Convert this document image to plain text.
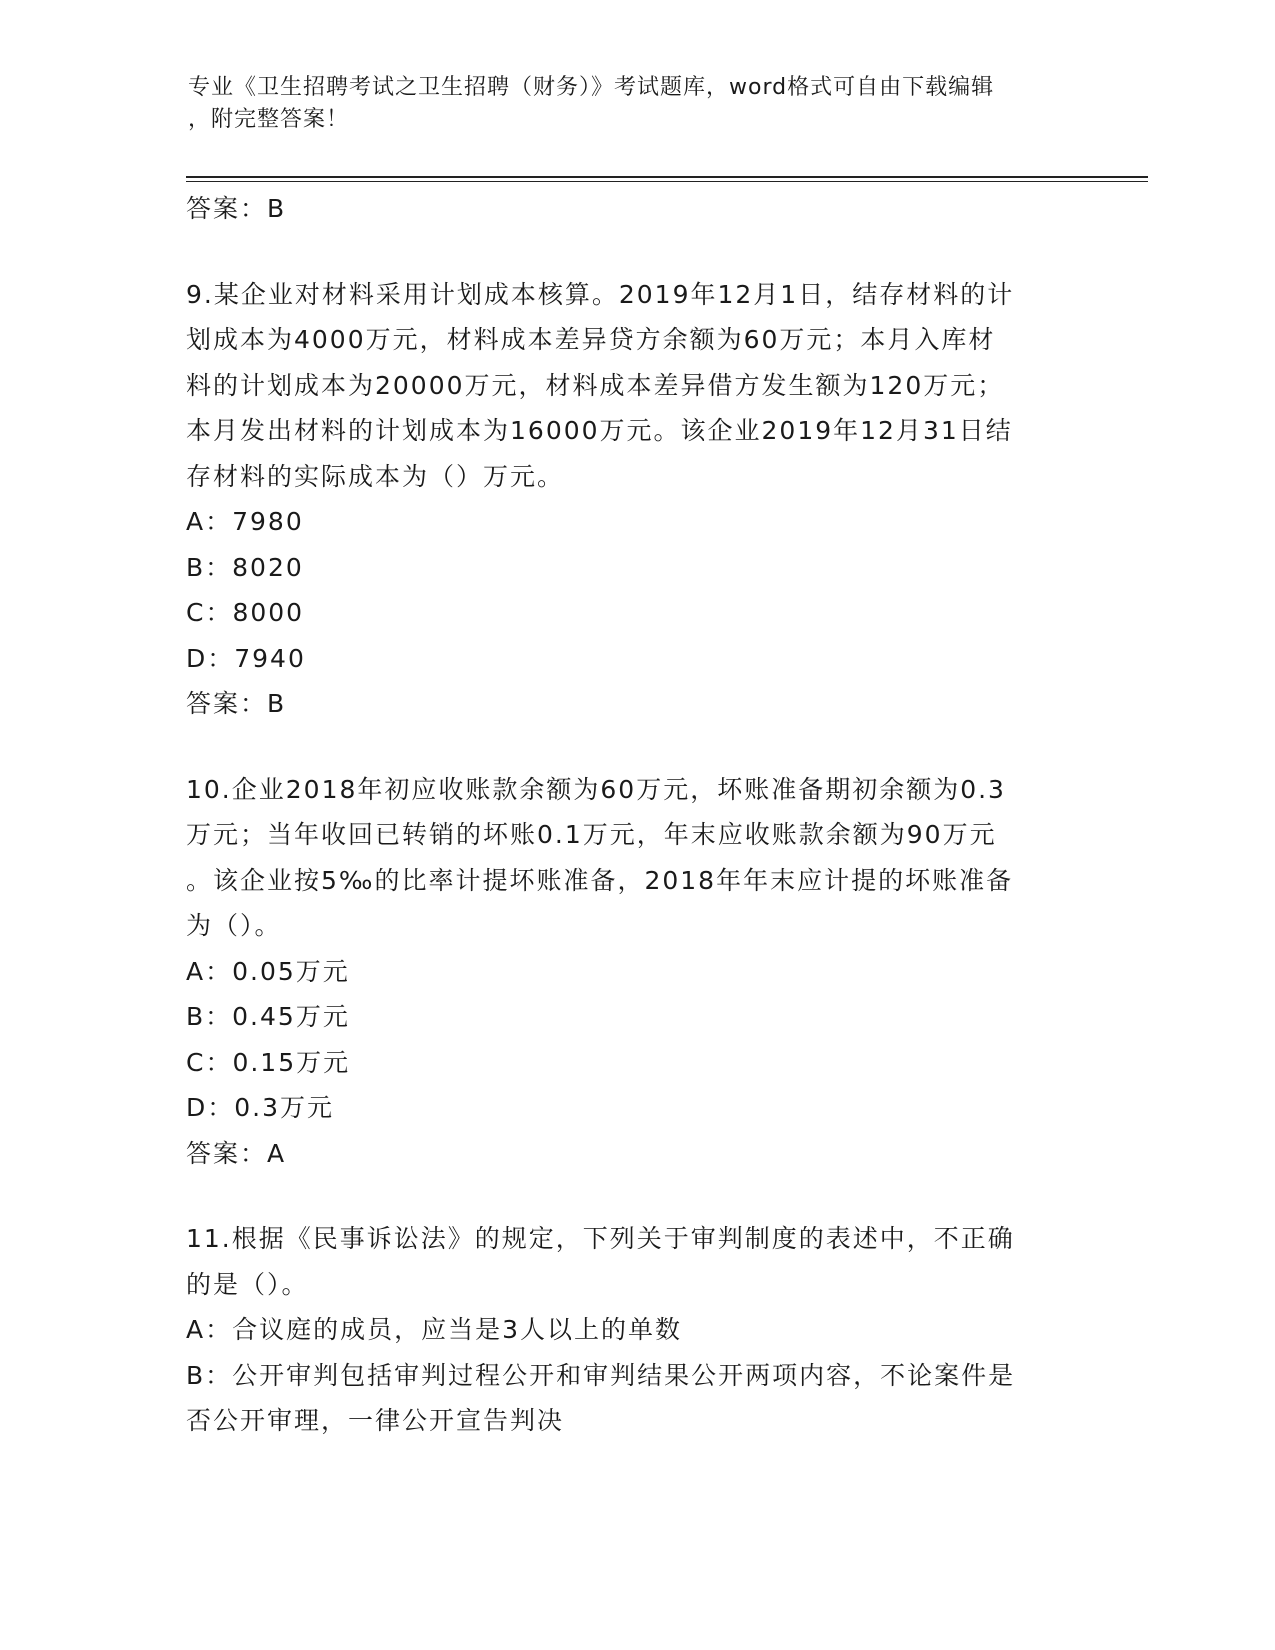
专业《卫生招聘考试之卫生招聘（财务）》考试题库，word格式可自由下载编辑
，附完整答案！
答案：B
9.某企业对材料采用计划成本核算。2019年12月1日，结存材料的计
划成本为4000万元，材料成本差异贷方余额为60万元；本月入库材
料的计划成本为20000万元，材料成本差异借方发生额为120万元；
本月发出材料的计划成本为16000万元。该企业2019年12月31日结
存材料的实际成本为（）万元。
A：7980
B：8020
C：8000
D：7940
答案：B
10.企业2018年初应收账款余额为60万元，坏账准备期初余额为0.3
万元；当年收回已转销的坏账0.1万元，年末应收账款余额为90万元
。该企业按5‰的比率计提坏账准备，2018年年末应计提的坏账准备
为（）。
A：0.05万元
B：0.45万元
C：0.15万元
D：0.3万元
答案：A
11.根据《民事诉讼法》的规定，下列关于审判制度的表述中，不正确
的是（）。
A：合议庭的成员，应当是3人以上的单数
B：公开审判包括审判过程公开和审判结果公开两项内容，不论案件是
否公开审理，一律公开宣告判决
